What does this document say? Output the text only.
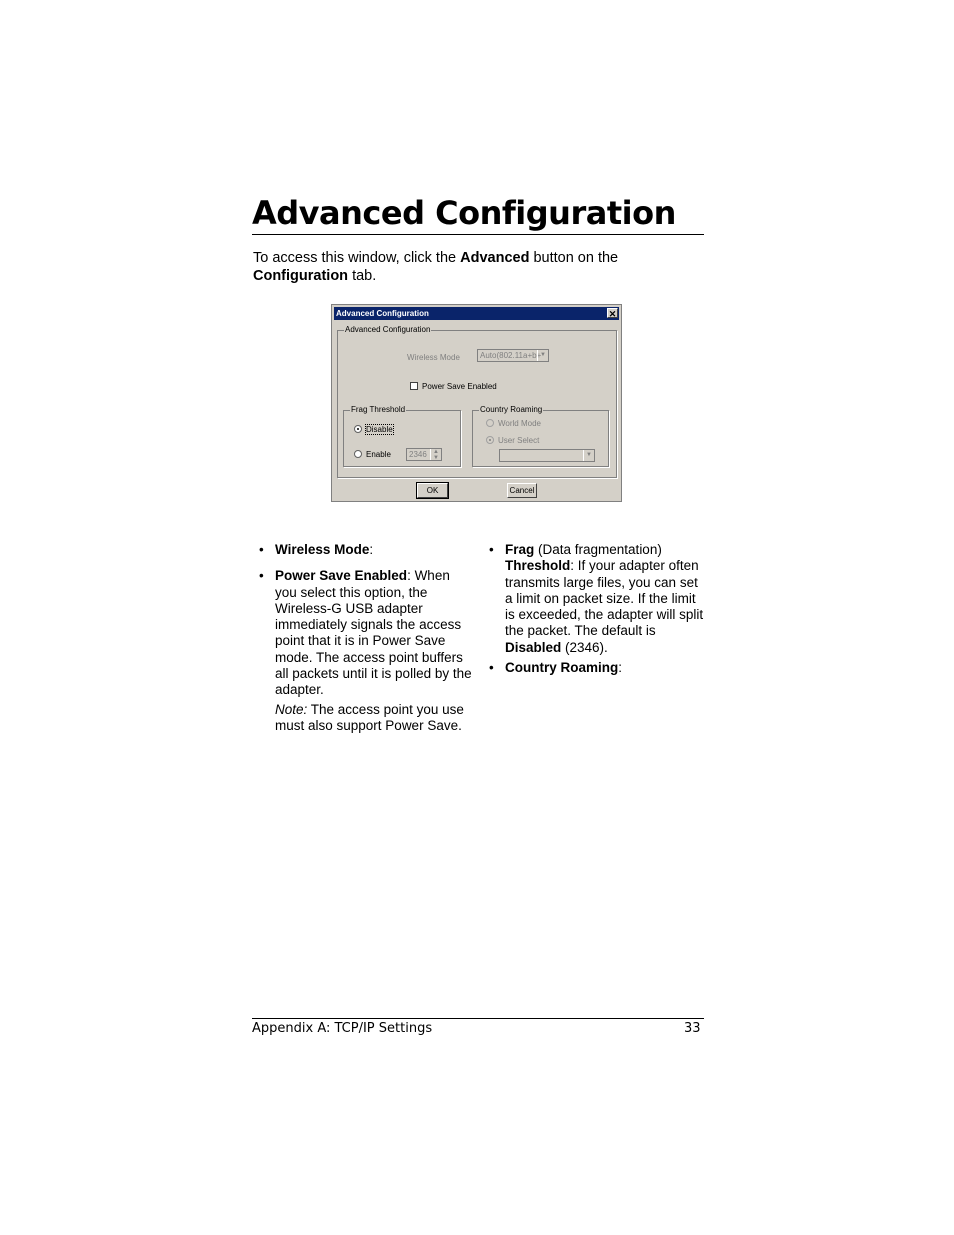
Advanced Configuration

To access this window, click the Advanced button on the
Configuration tab.

Advanced Configuration	✕
Advanced Configuration
Wireless Mode	Auto(802.11a+b+
▼
Power Save Enabled
Frag Threshold
Disable
Enable	2346	▲
▼
Country Roaming
World Mode
User Select
▼
OK	Cancel
• Wireless Mode:
• Power Save Enabled: When you select this option, the Wireless-G USB adapter immediately signals the access point that it is in Power Save mode. The access point buffers all packets until it is polled by the adapter.
Note: The access point you use must also support Power Save.
• Frag (Data fragmentation) Threshold: If your adapter often transmits large files, you can set a limit on packet size. If the limit is exceeded, the adapter will split the packet. The default is Disabled (2346).
• Country Roaming:
Appendix A: TCP/IP Settings	33
